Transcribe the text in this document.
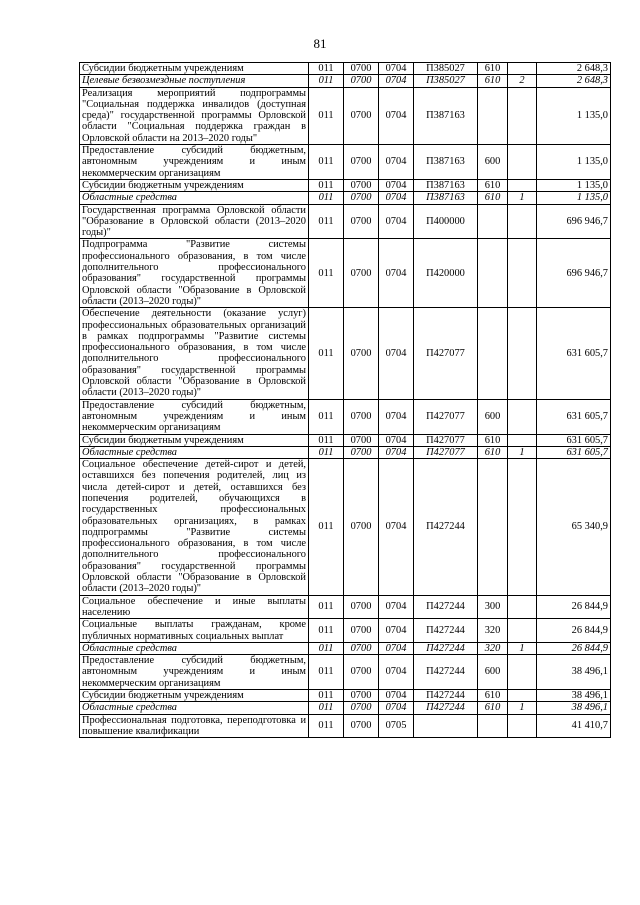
81
Субсидии бюджетным учреждениям	011	0700	0704	П385027	610		2 648,3
Целевые безвозмездные поступления	011	0700	0704	П385027	610	2	2 648,3
Реализация мероприятий подпрограммы "Социальная поддержка инвалидов (доступная среда)" государственной программы Орловской области "Социальная поддержка граждан в Орловской области на 2013–2020 годы"	011	0700	0704	П387163			1 135,0
Предоставление субсидий бюджетным, автономным учреждениям и иным некоммерческим организациям	011	0700	0704	П387163	600		1 135,0
Субсидии бюджетным учреждениям	011	0700	0704	П387163	610		1 135,0
Областные средства	011	0700	0704	П387163	610	1	1 135,0
Государственная программа Орловской области "Образование в Орловской области (2013–2020 годы)"	011	0700	0704	П400000			696 946,7
Подпрограмма "Развитие системы профессионального образования, в том числе дополнительного профессионального образования" государственной программы Орловской области "Образование в Орловской области (2013–2020 годы)"	011	0700	0704	П420000			696 946,7
Обеспечение деятельности (оказание услуг) профессиональных образовательных организаций в рамках подпрограммы "Развитие системы профессионального образования, в том числе дополнительного профессионального образования" государственной программы Орловской области "Образование в Орловской области (2013–2020 годы)"	011	0700	0704	П427077			631 605,7
Предоставление субсидий бюджетным, автономным учреждениям и иным некоммерческим организациям	011	0700	0704	П427077	600		631 605,7
Субсидии бюджетным учреждениям	011	0700	0704	П427077	610		631 605,7
Областные средства	011	0700	0704	П427077	610	1	631 605,7
Социальное обеспечение детей-сирот и детей, оставшихся без попечения родителей, лиц из числа детей-сирот и детей, оставшихся без попечения родителей, обучающихся в государственных профессиональных образовательных организациях, в рамках подпрограммы "Развитие системы профессионального образования, в том числе дополнительного профессионального образования" государственной программы Орловской области "Образование в Орловской области (2013–2020 годы)"	011	0700	0704	П427244			65 340,9
Социальное обеспечение и иные выплаты населению	011	0700	0704	П427244	300		26 844,9
Социальные выплаты гражданам, кроме публичных нормативных социальных выплат	011	0700	0704	П427244	320		26 844,9
Областные средства	011	0700	0704	П427244	320	1	26 844,9
Предоставление субсидий бюджетным, автономным учреждениям и иным некоммерческим организациям	011	0700	0704	П427244	600		38 496,1
Субсидии бюджетным учреждениям	011	0700	0704	П427244	610		38 496,1
Областные средства	011	0700	0704	П427244	610	1	38 496,1
Профессиональная подготовка, переподготовка и повышение квалификации	011	0700	0705				41 410,7
